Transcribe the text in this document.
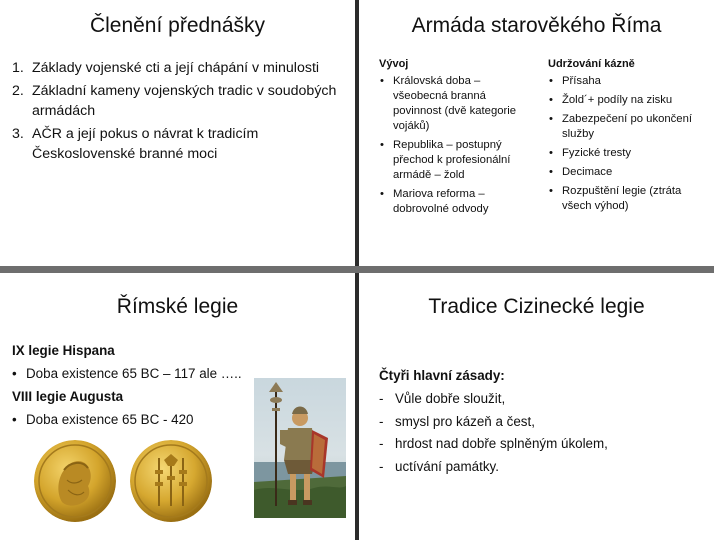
Členění přednášky
1. Základy vojenské cti a její chápání v minulosti
2. Základní kameny vojenských tradic v soudobých armádách
3. AČR a její pokus o návrat k tradicím Československé branné moci
Armáda starověkého Říma
Vývoj
• Královská doba – všeobecná branná povinnost (dvě kategorie vojáků)
• Republika – postupný přechod k profesionální armádě – žold
• Mariova reforma – dobrovolné odvody
Udržování kázně
• Přísaha
• Žold´+ podíly na zisku
• Zabezpečení po ukončení služby
• Fyzické tresty
• Decimace
• Rozpuštění legie (ztráta všech výhod)
Římské legie
IX legie Hispana
• Doba existence 65 BC – 117 ale …..
VIII legie Augusta
• Doba existence 65 BC - 420
Tradice Cizinecké legie
Čtyři hlavní zásady:
- Vůle dobře sloužit,
- smysl pro kázeň a čest,
- hrdost nad dobře splněným úkolem,
- uctívání památky.
